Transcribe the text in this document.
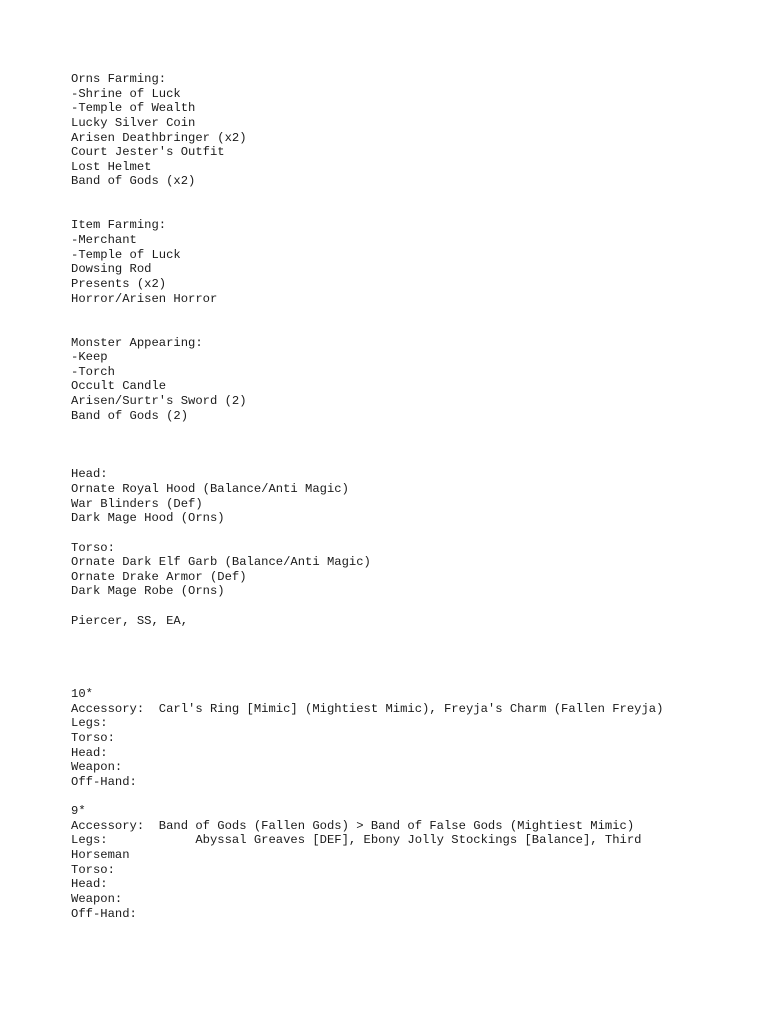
Orns Farming:
-Shrine of Luck
-Temple of Wealth
Lucky Silver Coin
Arisen Deathbringer (x2)
Court Jester's Outfit
Lost Helmet
Band of Gods (x2)
Item Farming:
-Merchant
-Temple of Luck
Dowsing Rod
Presents (x2)
Horror/Arisen Horror
Monster Appearing:
-Keep
-Torch
Occult Candle
Arisen/Surtr's Sword (2)
Band of Gods (2)
Head:
Ornate Royal Hood (Balance/Anti Magic)
War Blinders (Def)
Dark Mage Hood (Orns)
Torso:
Ornate Dark Elf Garb (Balance/Anti Magic)
Ornate Drake Armor (Def)
Dark Mage Robe (Orns)
Piercer, SS, EA,
10*
Accessory:  Carl's Ring [Mimic] (Mightiest Mimic), Freyja's Charm (Fallen Freyja)
Legs:
Torso:
Head:
Weapon:
Off-Hand:
9*
Accessory:  Band of Gods (Fallen Gods) > Band of False Gods (Mightiest Mimic)
Legs:            Abyssal Greaves [DEF], Ebony Jolly Stockings [Balance], Third
Horseman
Torso:
Head:
Weapon:
Off-Hand:
